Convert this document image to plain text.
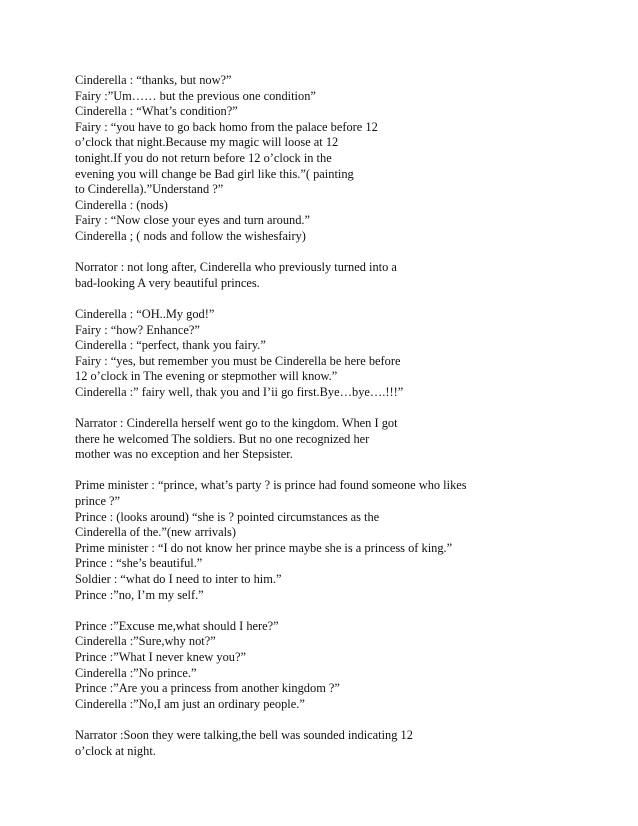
Cinderella : “thanks, but now?”
Fairy :”Um…… but the previous one condition”
Cinderella : “What’s condition?”
Fairy : “you have to go back homo from the palace before 12
o’clock that night.Because my magic will loose at 12
tonight.If you do not return before 12 o’clock in the
evening you will change be Bad girl like this.”( painting
to Cinderella).”Understand ?”
Cinderella : (nods)
Fairy : “Now close your eyes and turn around.”
Cinderella ; ( nods and follow the wishesfairy)
Norrator : not long after, Cinderella who previously turned into a
bad-looking A very beautiful princes.
Cinderella : “OH..My god!”
Fairy : “how? Enhance?”
Cinderella : “perfect, thank you fairy.”
Fairy : “yes, but remember you must be Cinderella be here before
12 o’clock in The evening or stepmother will know.”
Cinderella :” fairy well, thak you and I’ii go first.Bye…bye….!!!”
Narrator : Cinderella herself went go to the kingdom. When I got
there he welcomed The soldiers. But no one recognized her
mother was no exception and her Stepsister.
Prime minister : “prince, what’s party ? is prince had found someone who likes
prince ?”
Prince : (looks around) “she is ? pointed circumstances as the
Cinderella of the.”(new arrivals)
Prime minister : “I do not know her prince maybe she is a princess of king.”
Prince : “she’s beautiful.”
Soldier : “what do I need to inter to him.”
Prince :”no, I’m my self.”
Prince :”Excuse me,what should I here?”
Cinderella :”Sure,why not?”
Prince :”What I never knew you?”
Cinderella :”No prince.”
Prince :”Are you a princess from another kingdom ?”
Cinderella :”No,I am just an ordinary people.”
Narrator :Soon they were talking,the bell was sounded indicating 12
o’clock at night.
